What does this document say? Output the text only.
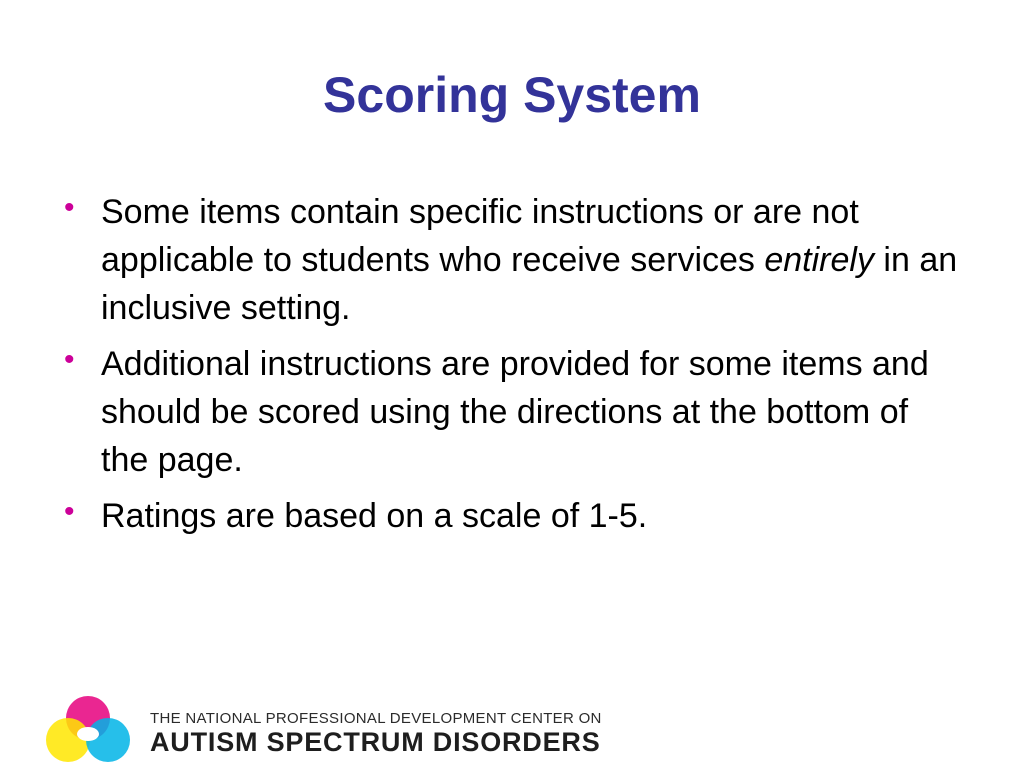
Scoring System
• Some items contain specific instructions or are not applicable to students who receive services entirely in an inclusive setting.
• Additional instructions are provided for some items and should be scored using the directions at the bottom of the page.
• Ratings are based on a scale of 1-5.
THE NATIONAL PROFESSIONAL DEVELOPMENT CENTER ON
AUTISM SPECTRUM DISORDERS
